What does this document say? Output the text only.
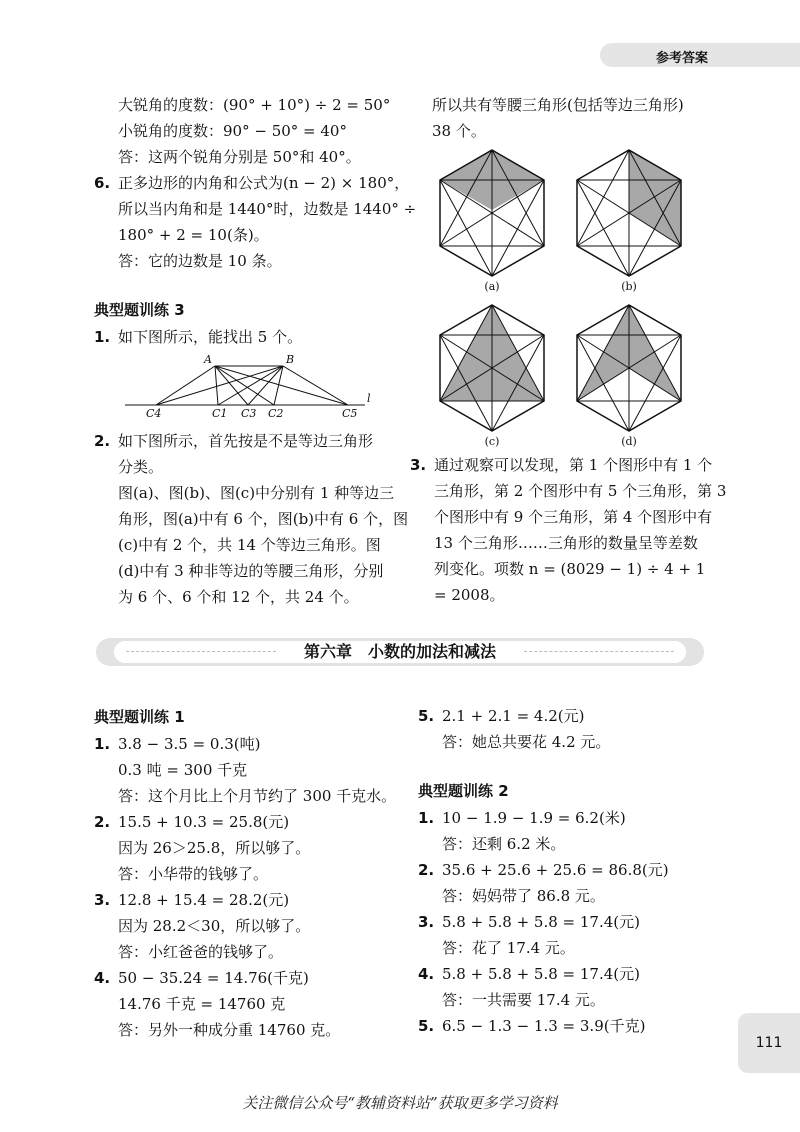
参考答案
大锐角的度数：(90° + 10°) ÷ 2 = 50°
小锐角的度数：90° − 50° = 40°
答：这两个锐角分别是 50°和 40°。
6. 正多边形的内角和公式为(n − 2) × 180°，
所以当内角和是 1440°时，边数是 1440° ÷
180° + 2 = 10(条)。
答：它的边数是 10 条。
典型题训练 3
1. 如下图所示，能找出 5 个。
A	B
C4	C1 C3 C2	C5
l
2. 如下图所示，首先按是不是等边三角形
分类。
图(a)、图(b)、图(c)中分别有 1 种等边三
角形，图(a)中有 6 个，图(b)中有 6 个，图
(c)中有 2 个，共 14 个等边三角形。图
(d)中有 3 种非等边的等腰三角形，分别
为 6 个、6 个和 12 个，共 24 个。
所以共有等腰三角形(包括等边三角形)
38 个。
(a)	(b)
(c)	(d)
3. 通过观察可以发现，第 1 个图形中有 1 个
三角形，第 2 个图形中有 5 个三角形，第 3
个图形中有 9 个三角形，第 4 个图形中有
13 个三角形……三角形的数量呈等差数
列变化。项数 n = (8029 − 1) ÷ 4 + 1
= 2008。
第六章　小数的加法和减法
典型题训练 1
1. 3.8 − 3.5 = 0.3(吨)
0.3 吨 = 300 千克
答：这个月比上个月节约了 300 千克水。
2. 15.5 + 10.3 = 25.8(元)
因为 26＞25.8，所以够了。
答：小华带的钱够了。
3. 12.8 + 15.4 = 28.2(元)
因为 28.2＜30，所以够了。
答：小红爸爸的钱够了。
4. 50 − 35.24 = 14.76(千克)
14.76 千克 = 14760 克
答：另外一种成分重 14760 克。
5. 2.1 + 2.1 = 4.2(元)
答：她总共要花 4.2 元。
典型题训练 2
1. 10 − 1.9 − 1.9 = 6.2(米)
答：还剩 6.2 米。
2. 35.6 + 25.6 + 25.6 = 86.8(元)
答：妈妈带了 86.8 元。
3. 5.8 + 5.8 + 5.8 = 17.4(元)
答：花了 17.4 元。
4. 5.8 + 5.8 + 5.8 = 17.4(元)
答：一共需要 17.4 元。
5. 6.5 − 1.3 − 1.3 = 3.9(千克)
111
关注微信公众号“教辅资料站”获取更多学习资料
